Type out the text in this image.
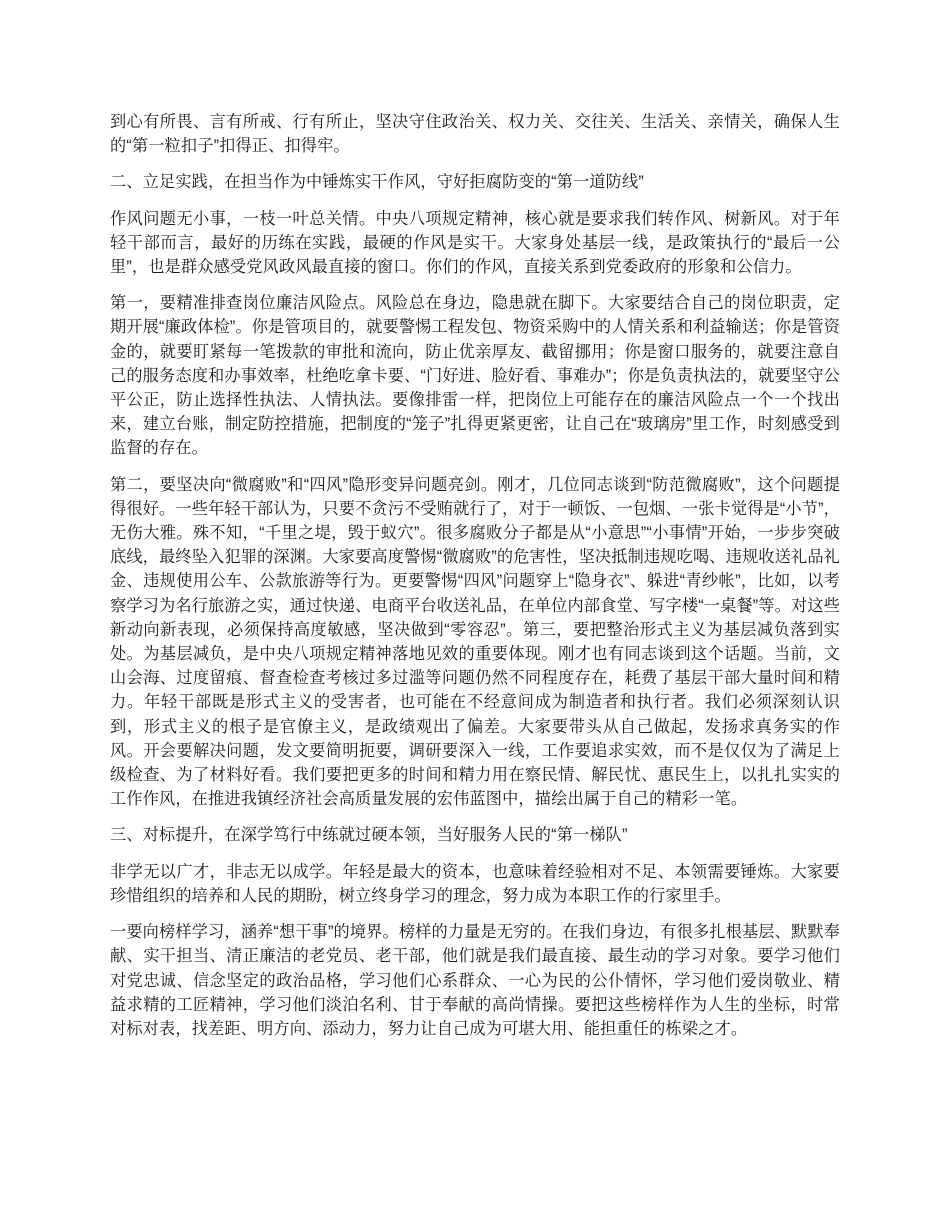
到心有所畏、言有所戒、行有所止，坚决守住政治关、权力关、交往关、生活关、亲情关，确保人生的“第一粒扣子”扣得正、扣得牢。

二、立足实践，在担当作为中锤炼实干作风，守好拒腐防变的“第一道防线”

作风问题无小事，一枝一叶总关情。中央八项规定精神，核心就是要求我们转作风、树新风。对于年轻干部而言，最好的历练在实践，最硬的作风是实干。大家身处基层一线，是政策执行的“最后一公里”，也是群众感受党风政风最直接的窗口。你们的作风，直接关系到党委政府的形象和公信力。

第一，要精准排查岗位廉洁风险点。风险总在身边，隐患就在脚下。大家要结合自己的岗位职责，定期开展“廉政体检”。你是管项目的，就要警惕工程发包、物资采购中的人情关系和利益输送；你是管资金的，就要盯紧每一笔拨款的审批和流向，防止优亲厚友、截留挪用；你是窗口服务的，就要注意自己的服务态度和办事效率，杜绝吃拿卡要、“门好进、脸好看、事难办”；你是负责执法的，就要坚守公平公正，防止选择性执法、人情执法。要像排雷一样，把岗位上可能存在的廉洁风险点一个一个找出来，建立台账，制定防控措施，把制度的“笼子”扎得更紧更密，让自己在“玻璃房”里工作，时刻感受到监督的存在。

第二，要坚决向“微腐败”和“四风”隐形变异问题亮剑。刚才，几位同志谈到“防范微腐败”，这个问题提得很好。一些年轻干部认为，只要不贪污不受贿就行了，对于一顿饭、一包烟、一张卡觉得是“小节”，无伤大雅。殊不知，“千里之堤，毁于蚁穴”。很多腐败分子都是从“小意思”“小事情”开始，一步步突破底线，最终坠入犯罪的深渊。大家要高度警惕“微腐败”的危害性，坚决抵制违规吃喝、违规收送礼品礼金、违规使用公车、公款旅游等行为。更要警惕“四风”问题穿上“隐身衣”、躲进“青纱帐”，比如，以考察学习为名行旅游之实，通过快递、电商平台收送礼品，在单位内部食堂、写字楼“一桌餐”等。对这些新动向新表现，必须保持高度敏感，坚决做到“零容忍”。第三，要把整治形式主义为基层减负落到实处。为基层减负，是中央八项规定精神落地见效的重要体现。刚才也有同志谈到这个话题。当前，文山会海、过度留痕、督查检查考核过多过滥等问题仍然不同程度存在，耗费了基层干部大量时间和精力。年轻干部既是形式主义的受害者，也可能在不经意间成为制造者和执行者。我们必须深刻认识到，形式主义的根子是官僚主义，是政绩观出了偏差。大家要带头从自己做起，发扬求真务实的作风。开会要解决问题，发文要简明扼要，调研要深入一线，工作要追求实效，而不是仅仅为了满足上级检查、为了材料好看。我们要把更多的时间和精力用在察民情、解民忧、惠民生上，以扎扎实实的工作作风，在推进我镇经济社会高质量发展的宏伟蓝图中，描绘出属于自己的精彩一笔。

三、对标提升，在深学笃行中练就过硬本领，当好服务人民的“第一梯队”

非学无以广才，非志无以成学。年轻是最大的资本，也意味着经验相对不足、本领需要锤炼。大家要珍惜组织的培养和人民的期盼，树立终身学习的理念，努力成为本职工作的行家里手。

一要向榜样学习，涵养“想干事”的境界。榜样的力量是无穷的。在我们身边，有很多扎根基层、默默奉献、实干担当、清正廉洁的老党员、老干部，他们就是我们最直接、最生动的学习对象。要学习他们对党忠诚、信念坚定的政治品格，学习他们心系群众、一心为民的公仆情怀，学习他们爱岗敬业、精益求精的工匠精神，学习他们淡泊名利、甘于奉献的高尚情操。要把这些榜样作为人生的坐标，时常对标对表，找差距、明方向、添动力，努力让自己成为可堪大用、能担重任的栋梁之才。
